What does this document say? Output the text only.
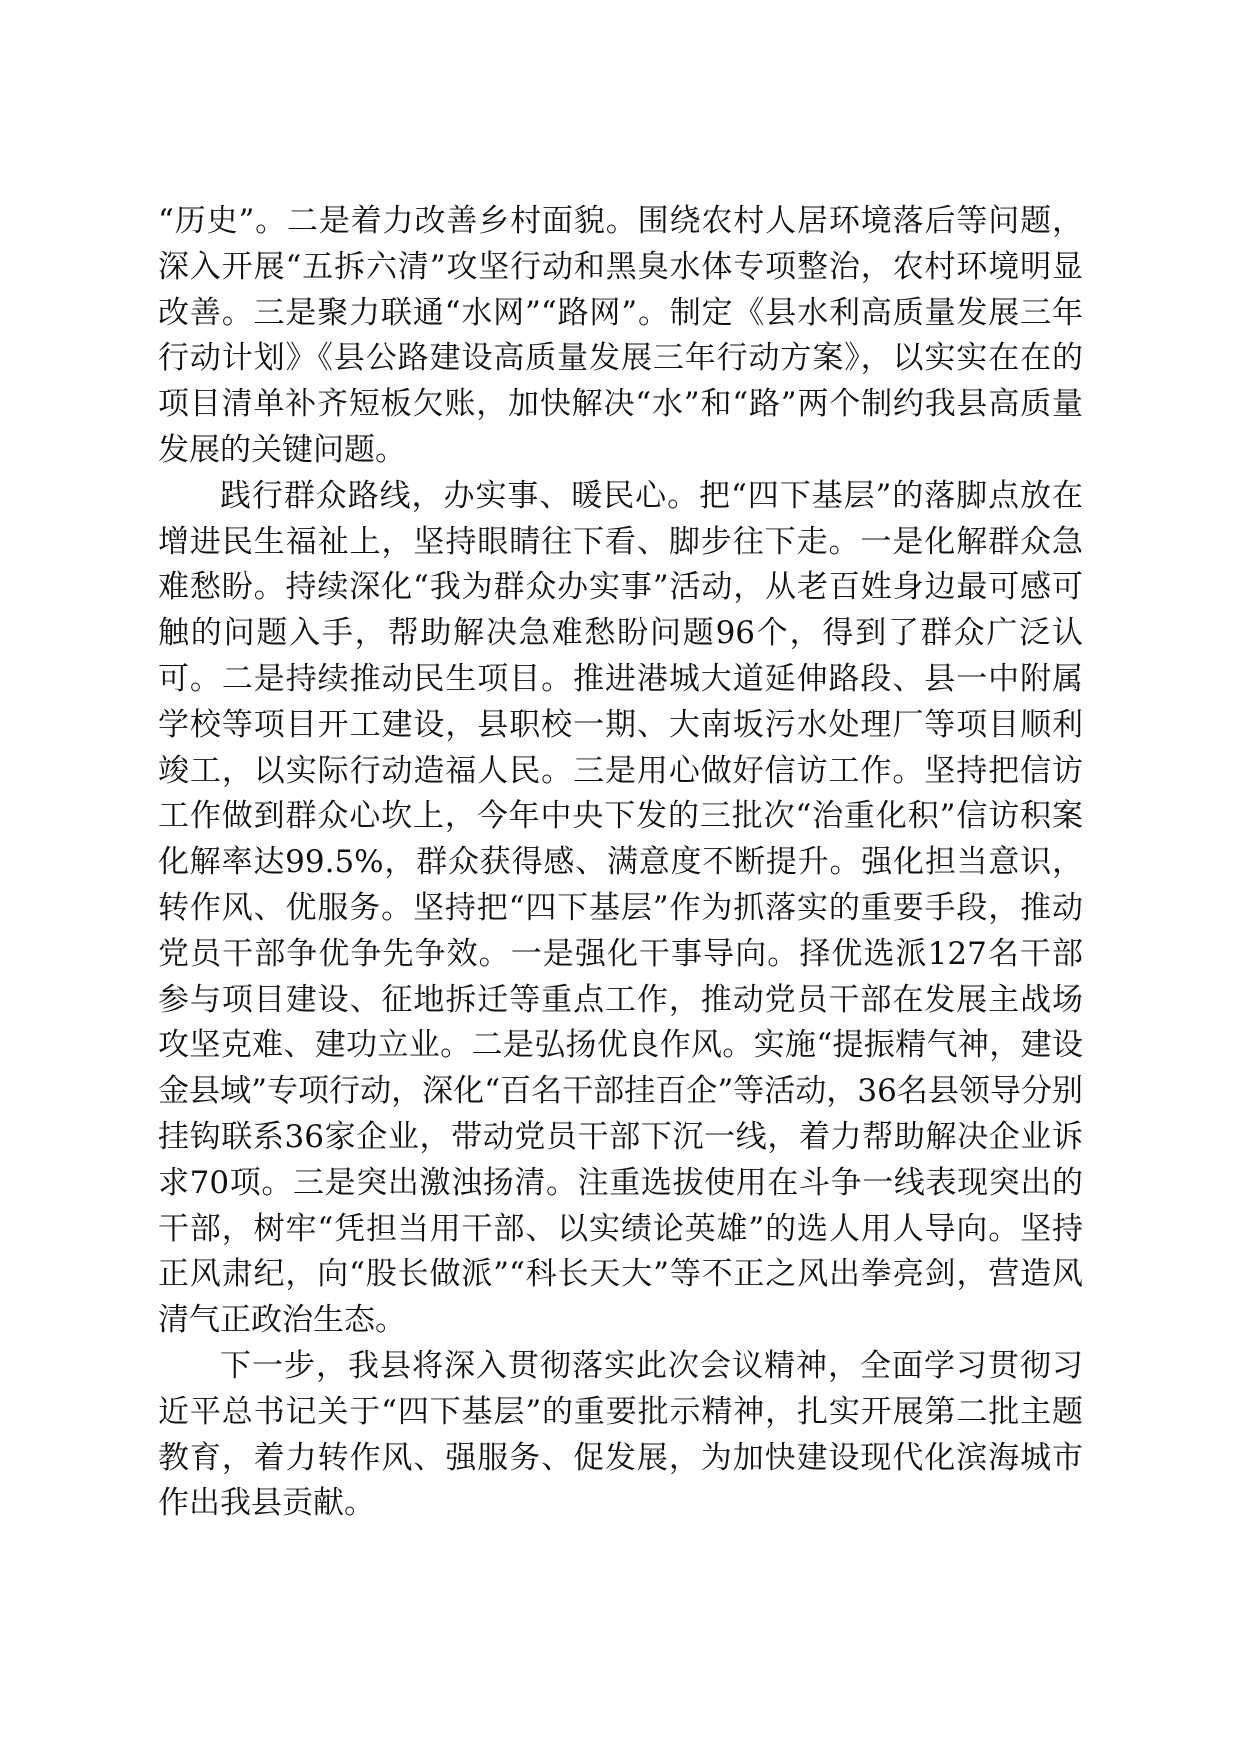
“历史”。二是着力改善乡村面貌。围绕农村人居环境落后等问题，深入开展“五拆六清”攻坚行动和黑臭水体专项整治，农村环境明显改善。三是聚力联通“水网”“路网”。制定《县水利高质量发展三年行动计划》《县公路建设高质量发展三年行动方案》，以实实在在的项目清单补齐短板欠账，加快解决“水”和“路”两个制约我县高质量发展的关键问题。

践行群众路线，办实事、暖民心。把“四下基层”的落脚点放在增进民生福祉上，坚持眼睛往下看、脚步往下走。一是化解群众急难愁盼。持续深化“我为群众办实事”活动，从老百姓身边最可感可触的问题入手，帮助解决急难愁盼问题96个，得到了群众广泛认可。二是持续推动民生项目。推进港城大道延伸路段、县一中附属学校等项目开工建设，县职校一期、大南坂污水处理厂等项目顺利竣工，以实际行动造福人民。三是用心做好信访工作。坚持把信访工作做到群众心坎上，今年中央下发的三批次“治重化积”信访积案化解率达99.5%，群众获得感、满意度不断提升。强化担当意识，转作风、优服务。坚持把“四下基层”作为抓落实的重要手段，推动党员干部争优争先争效。一是强化干事导向。择优选派127名干部参与项目建设、征地拆迁等重点工作，推动党员干部在发展主战场攻坚克难、建功立业。二是弘扬优良作风。实施“提振精气神，建设金县域”专项行动，深化“百名干部挂百企”等活动，36名县领导分别挂钩联系36家企业，带动党员干部下沉一线，着力帮助解决企业诉求70项。三是突出激浊扬清。注重选拔使用在斗争一线表现突出的干部，树牢“凭担当用干部、以实绩论英雄”的选人用人导向。坚持正风肃纪，向“股长做派”“科长天大”等不正之风出拳亮剑，营造风清气正政治生态。

下一步，我县将深入贯彻落实此次会议精神，全面学习贯彻习近平总书记关于“四下基层”的重要批示精神，扎实开展第二批主题教育，着力转作风、强服务、促发展，为加快建设现代化滨海城市作出我县贡献。
